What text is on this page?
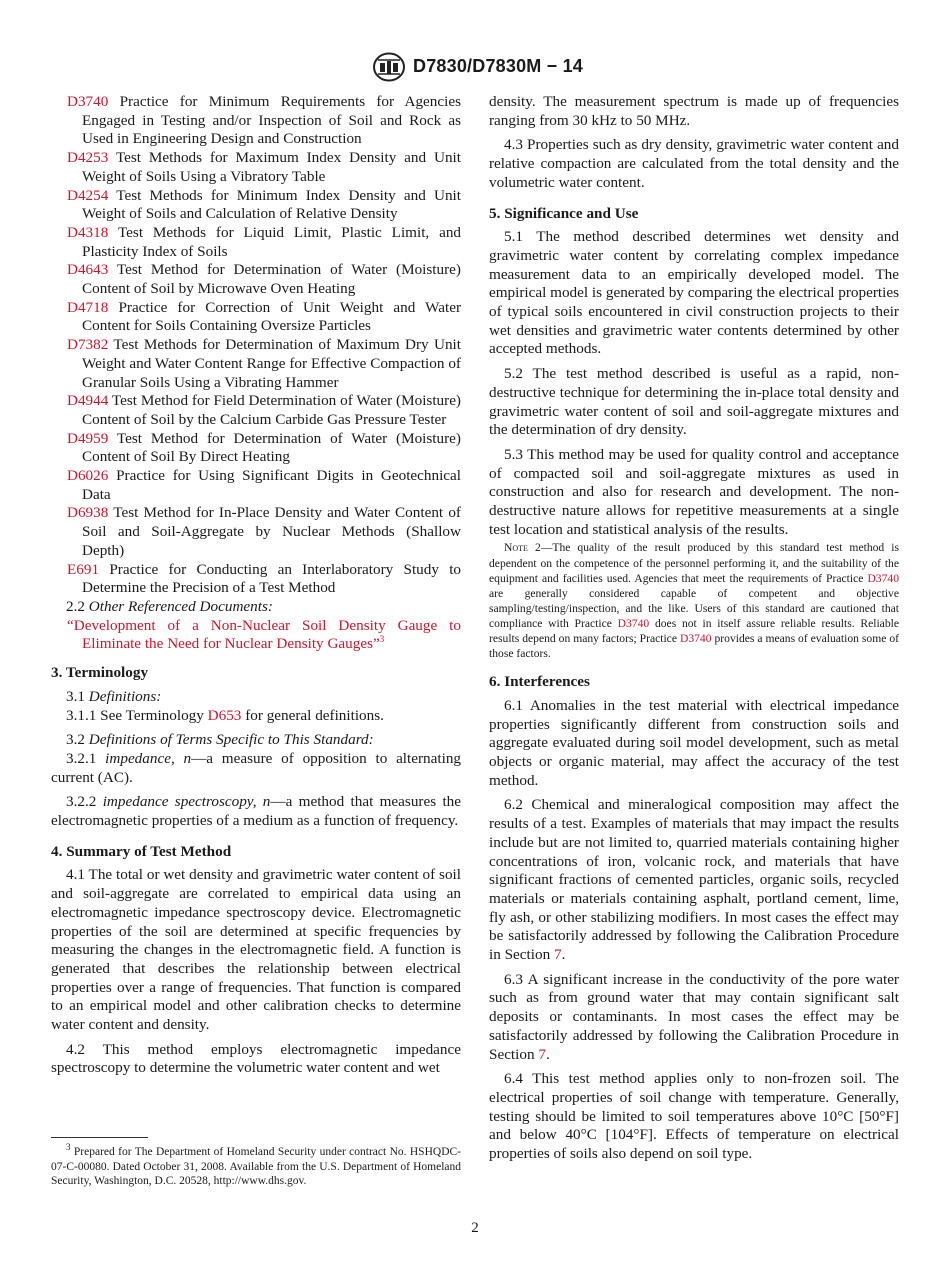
D7830/D7830M − 14

D3740 Practice for Minimum Requirements for Agencies Engaged in Testing and/or Inspection of Soil and Rock as Used in Engineering Design and Construction

D4253 Test Methods for Maximum Index Density and Unit Weight of Soils Using a Vibratory Table

D4254 Test Methods for Minimum Index Density and Unit Weight of Soils and Calculation of Relative Density

D4318 Test Methods for Liquid Limit, Plastic Limit, and Plasticity Index of Soils

D4643 Test Method for Determination of Water (Moisture) Content of Soil by Microwave Oven Heating

D4718 Practice for Correction of Unit Weight and Water Content for Soils Containing Oversize Particles

D7382 Test Methods for Determination of Maximum Dry Unit Weight and Water Content Range for Effective Compaction of Granular Soils Using a Vibrating Hammer

D4944 Test Method for Field Determination of Water (Moisture) Content of Soil by the Calcium Carbide Gas Pressure Tester

D4959 Test Method for Determination of Water (Moisture) Content of Soil By Direct Heating

D6026 Practice for Using Significant Digits in Geotechnical Data

D6938 Test Method for In-Place Density and Water Content of Soil and Soil-Aggregate by Nuclear Methods (Shallow Depth)

E691 Practice for Conducting an Interlaboratory Study to Determine the Precision of a Test Method

2.2 Other Referenced Documents:

“Development of a Non-Nuclear Soil Density Gauge to Eliminate the Need for Nuclear Density Gauges”$^3$

3. Terminology

3.1 Definitions:

3.1.1 See Terminology D653 for general definitions.

3.2 Definitions of Terms Specific to This Standard:

3.2.1 impedance, n—a measure of opposition to alternating current (AC).

3.2.2 impedance spectroscopy, n—a method that measures the electromagnetic properties of a medium as a function of frequency.

4. Summary of Test Method

4.1 The total or wet density and gravimetric water content of soil and soil-aggregate are correlated to empirical data using an electromagnetic impedance spectroscopy device. Electromagnetic properties of the soil are determined at specific frequencies by measuring the changes in the electromagnetic field. A function is generated that describes the relationship between electrical properties over a range of frequencies. That function is compared to an empirical model and other calibration checks to determine water content and density.

4.2 This method employs electromagnetic impedance spectroscopy to determine the volumetric water content and wet

$^3$ Prepared for The Department of Homeland Security under contract No. HSHQDC-07-C-00080. Dated October 31, 2008. Available from the U.S. Department of Homeland Security, Washington, D.C. 20528, http://www.dhs.gov.

density. The measurement spectrum is made up of frequencies ranging from 30 kHz to 50 MHz.

4.3 Properties such as dry density, gravimetric water content and relative compaction are calculated from the total density and the volumetric water content.

5. Significance and Use

5.1 The method described determines wet density and gravimetric water content by correlating complex impedance measurement data to an empirically developed model. The empirical model is generated by comparing the electrical properties of typical soils encountered in civil construction projects to their wet densities and gravimetric water contents determined by other accepted methods.

5.2 The test method described is useful as a rapid, non-destructive technique for determining the in-place total density and gravimetric water content of soil and soil-aggregate mixtures and the determination of dry density.

5.3 This method may be used for quality control and acceptance of compacted soil and soil-aggregate mixtures as used in construction and also for research and development. The non-destructive nature allows for repetitive measurements at a single test location and statistical analysis of the results.

Note 2—The quality of the result produced by this standard test method is dependent on the competence of the personnel performing it, and the suitability of the equipment and facilities used. Agencies that meet the requirements of Practice D3740 are generally considered capable of competent and objective sampling/testing/inspection, and the like. Users of this standard are cautioned that compliance with Practice D3740 does not in itself assure reliable results. Reliable results depend on many factors; Practice D3740 provides a means of evaluation some of those factors.

6. Interferences

6.1 Anomalies in the test material with electrical impedance properties significantly different from construction soils and aggregate evaluated during soil model development, such as metal objects or organic material, may affect the accuracy of the test method.

6.2 Chemical and mineralogical composition may affect the results of a test. Examples of materials that may impact the results include but are not limited to, quarried materials containing higher concentrations of iron, volcanic rock, and materials that have significant fractions of cemented particles, organic soils, recycled materials or materials containing asphalt, portland cement, lime, fly ash, or other stabilizing modifiers. In most cases the effect may be satisfactorily addressed by following the Calibration Procedure in Section 7.

6.3 A significant increase in the conductivity of the pore water such as from ground water that may contain significant salt deposits or contaminants. In most cases the effect may be satisfactorily addressed by following the Calibration Procedure in Section 7.

6.4 This test method applies only to non-frozen soil. The electrical properties of soil change with temperature. Generally, testing should be limited to soil temperatures above 10°C [50°F] and below 40°C [104°F]. Effects of temperature on electrical properties of soils also depend on soil type.

2
